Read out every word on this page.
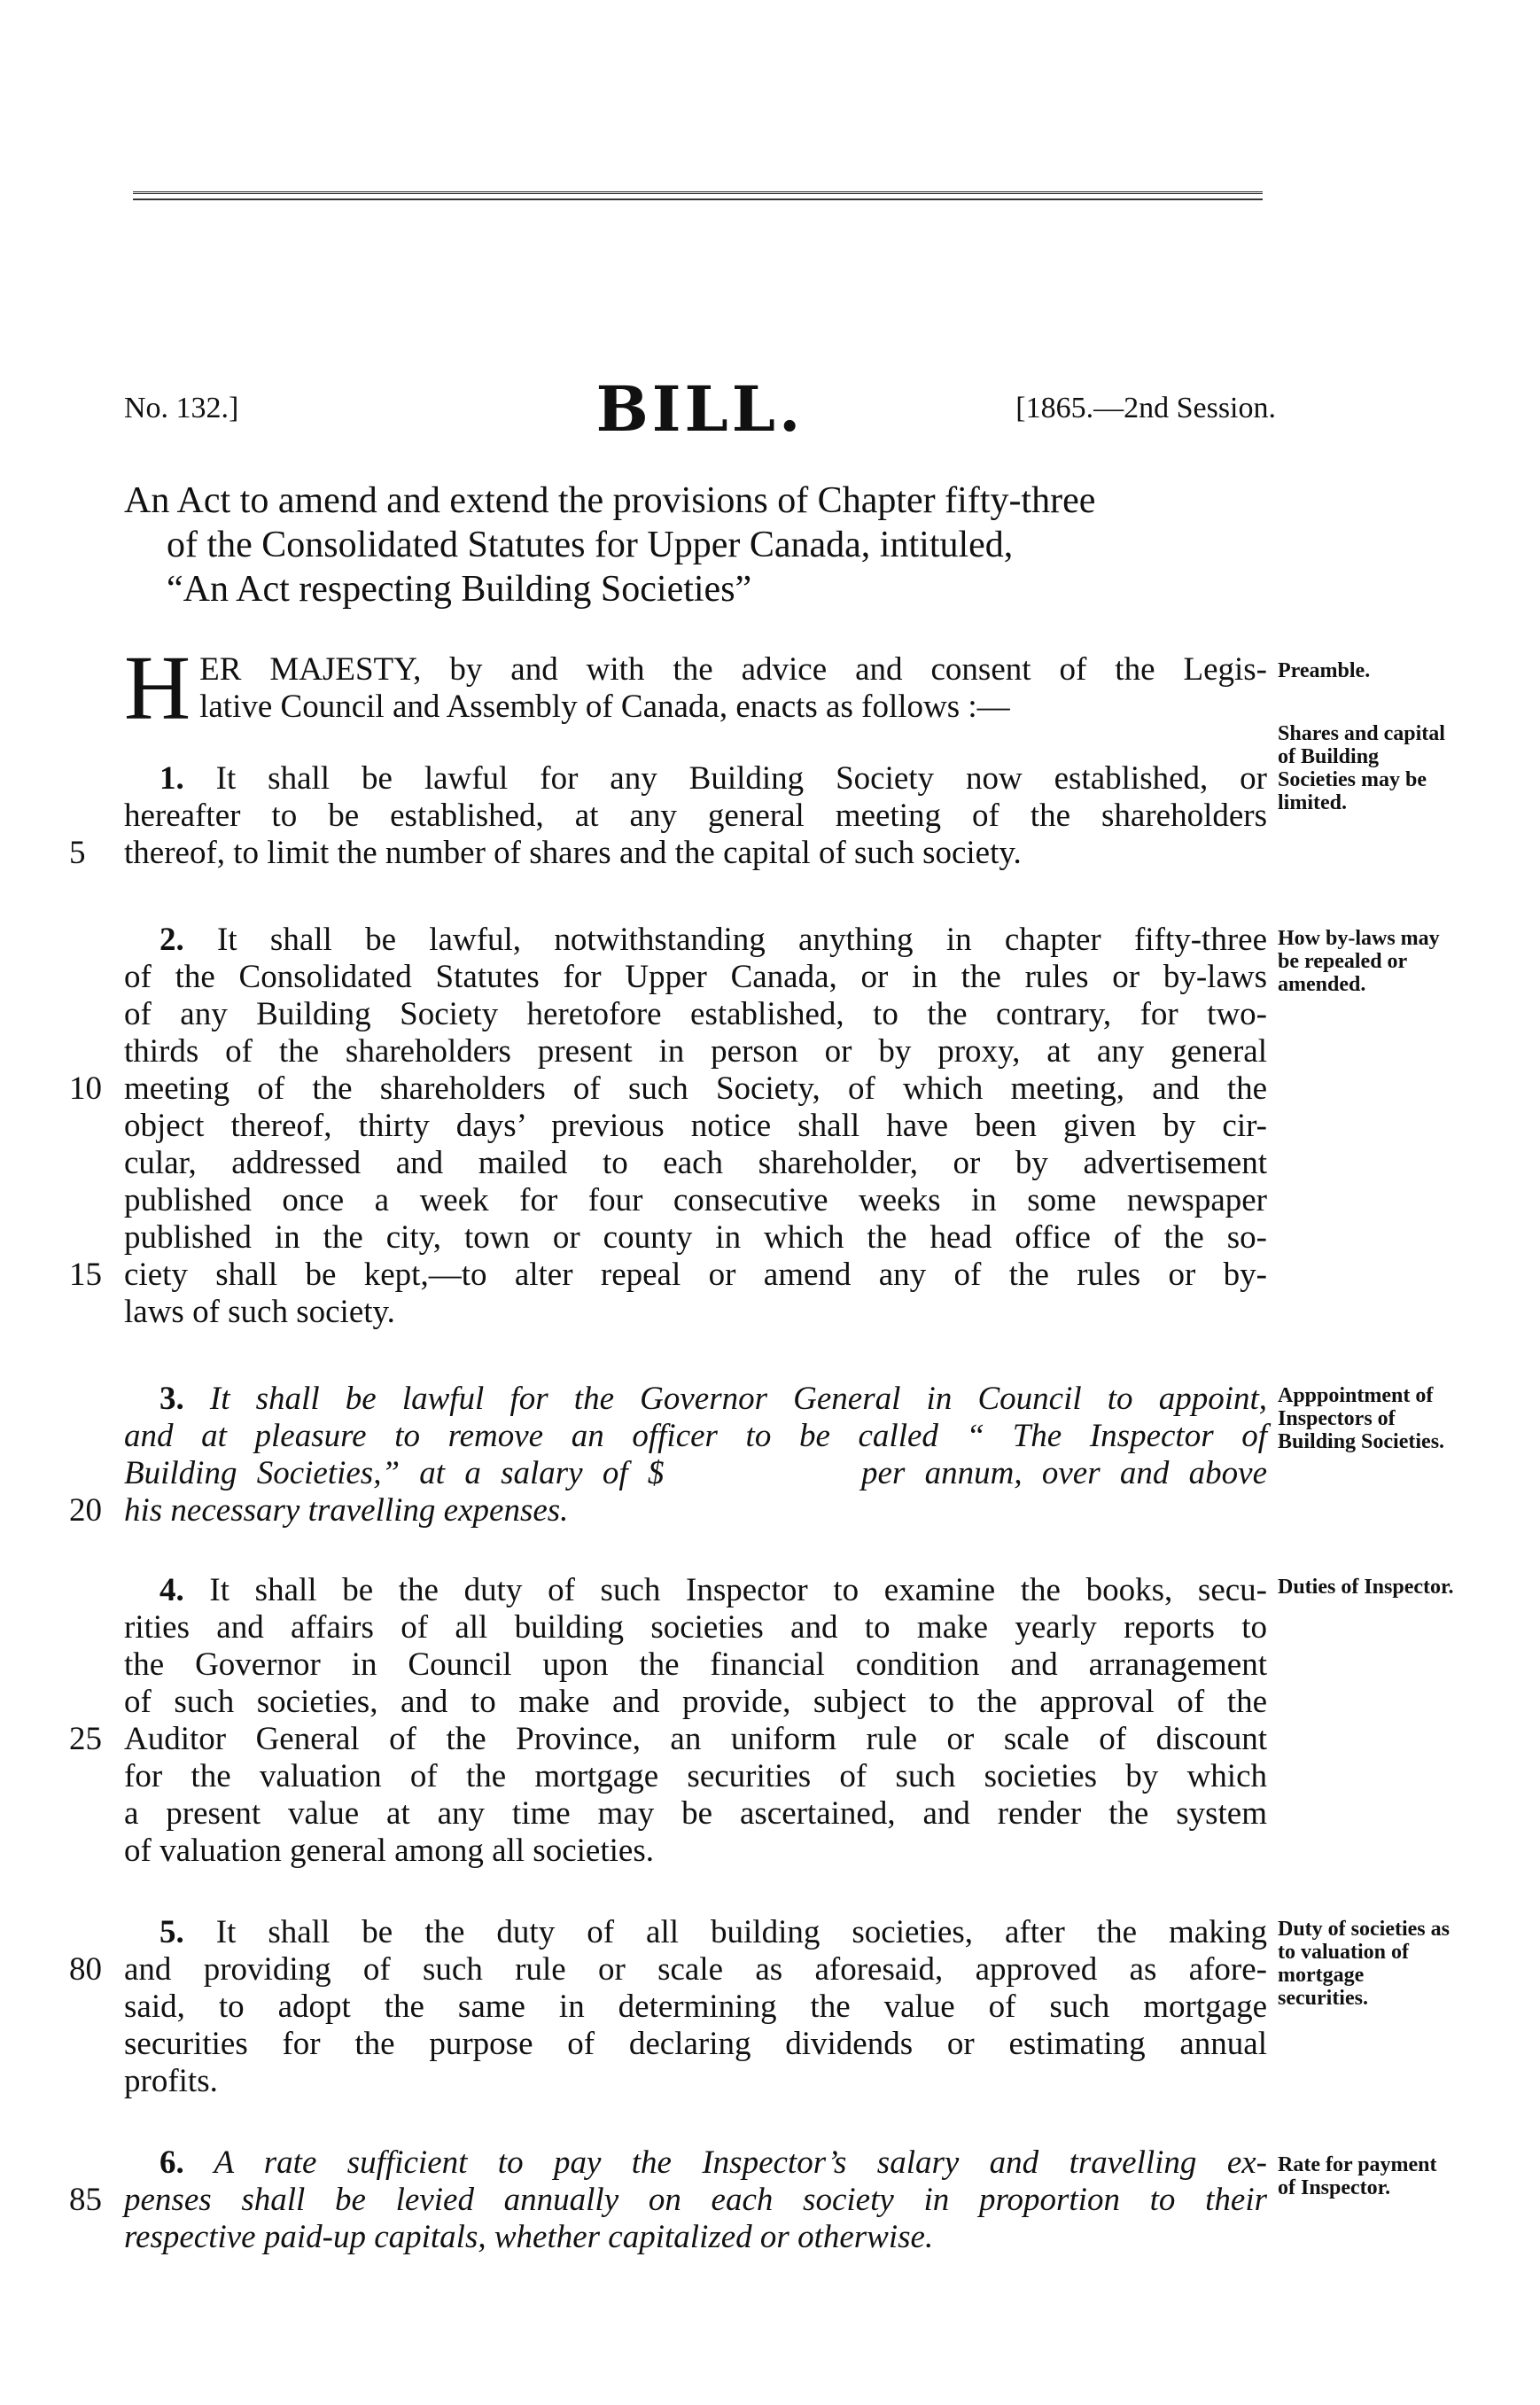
No. 132.]	BILL.	[1865.—2nd Session.
An Act to amend and extend the provisions of Chapter fifty-three
of the Consolidated Statutes for Upper Canada, intituled,
“An Act respecting Building Societies”
H ER MAJESTY, by and with the advice and consent of the Legis-
lative Council and Assembly of Canada, enacts as follows :—
Preamble.
1. It shall be lawful for any Building Society now established, or
hereafter to be established, at any general meeting of the shareholders
thereof, to limit the number of shares and the capital of such society.
5
Shares and capital of Building Societies may be limited.
2. It shall be lawful, notwithstanding anything in chapter fifty-three
of the Consolidated Statutes for Upper Canada, or in the rules or by-laws
of any Building Society heretofore established, to the contrary, for two-
thirds of the shareholders present in person or by proxy, at any general
meeting of the shareholders of such Society, of which meeting, and the
object thereof, thirty days’ previous notice shall have been given by cir-
cular, addressed and mailed to each shareholder, or by advertisement
published once a week for four consecutive weeks in some newspaper
published in the city, town or county in which the head office of the so-
ciety shall be kept,—to alter repeal or amend any of the rules or by-
laws of such society.
10
15
How by-laws may be repealed or amended.
3. It shall be lawful for the Governor General in Council to appoint,
and at pleasure to remove an officer to be called “ The Inspector of
Building Societies,” at a salary of $          per annum, over and above
his necessary travelling expenses.
20
Apppointment of Inspectors of Building Societies.
4. It shall be the duty of such Inspector to examine the books, secu-
rities and affairs of all building societies and to make yearly reports to
the Governor in Council upon the financial condition and arranagement
of such societies, and to make and provide, subject to the approval of the
Auditor General of the Province, an uniform rule or scale of discount
for the valuation of the mortgage securities of such societies by which
a present value at any time may be ascertained, and render the system
of valuation general among all societies.
25
Duties of Inspector.
5. It shall be the duty of all building societies, after the making
and providing of such rule or scale as aforesaid, approved as afore-
said, to adopt the same in determining the value of such mortgage
securities for the purpose of declaring dividends or estimating annual
profits.
80
Duty of societies as to valuation of mortgage securities.
6. A rate sufficient to pay the Inspector’s salary and travelling ex-
penses shall be levied annually on each society in proportion to their
respective paid-up capitals, whether capitalized or otherwise.
85
Rate for payment of Inspector.
